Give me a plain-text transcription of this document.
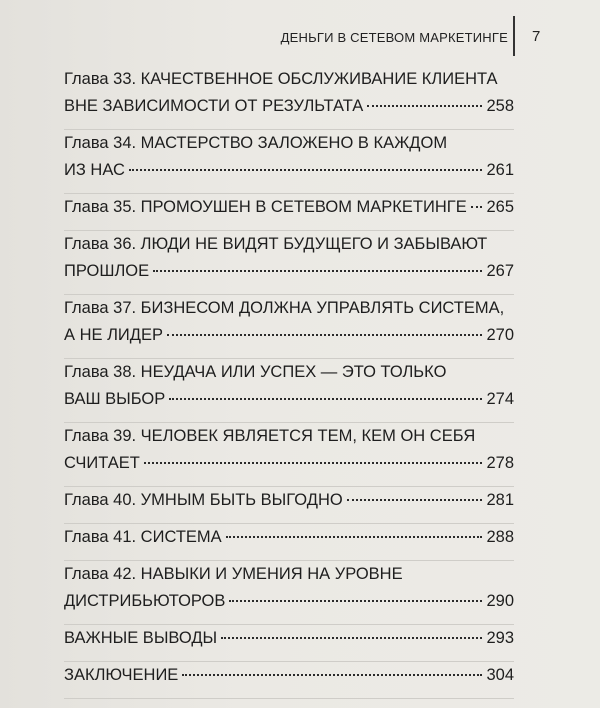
ДЕНЬГИ В СЕТЕВОМ МАРКЕТИНГЕ 7
Глава 33. КАЧЕСТВЕННОЕ ОБСЛУЖИВАНИЕ КЛИЕНТА
ВНЕ ЗАВИСИМОСТИ ОТ РЕЗУЛЬТАТА	258
Глава 34. МАСТЕРСТВО ЗАЛОЖЕНО В КАЖДОМ
ИЗ НАС	261
Глава 35. ПРОМОУШЕН В СЕТЕВОМ МАРКЕТИНГЕ 265
Глава 36. ЛЮДИ НЕ ВИДЯТ БУДУЩЕГО И ЗАБЫВАЮТ
ПРОШЛОЕ	267
Глава 37. БИЗНЕСОМ ДОЛЖНА УПРАВЛЯТЬ СИСТЕМА,
А НЕ ЛИДЕР	270
Глава 38. НЕУДАЧА ИЛИ УСПЕХ — ЭТО ТОЛЬКО
ВАШ ВЫБОР	274
Глава 39. ЧЕЛОВЕК ЯВЛЯЕТСЯ ТЕМ, КЕМ ОН СЕБЯ
СЧИТАЕТ	278
Глава 40. УМНЫМ БЫТЬ ВЫГОДНО	281
Глава 41. СИСТЕМА	288
Глава 42. НАВЫКИ И УМЕНИЯ НА УРОВНЕ
ДИСТРИБЬЮТОРОВ	290
ВАЖНЫЕ ВЫВОДЫ	293
ЗАКЛЮЧЕНИЕ	304
